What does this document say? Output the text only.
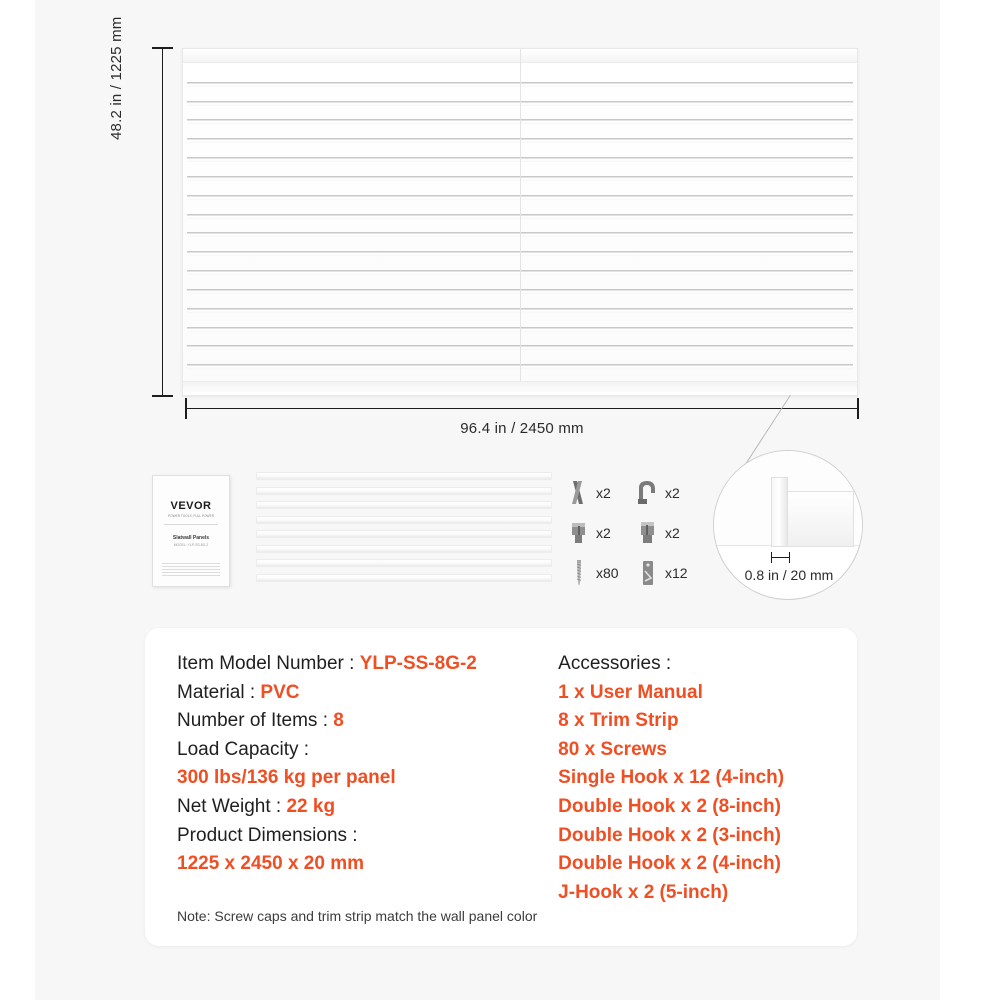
48.2 in / 1225 mm
96.4 in / 2450 mm
0.8 in / 20 mm
VEVOR
POWER TOOLS, FULL POWER
Slatwall Panels
MODEL: YLP-SS-8G-2
x2	x2
x2	x2
x80	x12
Item Model Number : YLP-SS-8G-2
Material : PVC
Number of Items : 8
Load Capacity :
300 lbs/136 kg per panel
Net Weight : 22 kg
Product Dimensions :
1225 x 2450 x 20 mm
Accessories :
1 x User Manual
8 x Trim Strip
80 x Screws
Single Hook x 12 (4-inch)
Double Hook x 2 (8-inch)
Double Hook x 2 (3-inch)
Double Hook x 2 (4-inch)
J-Hook x 2 (5-inch)
Note: Screw caps and trim strip match the wall panel color
